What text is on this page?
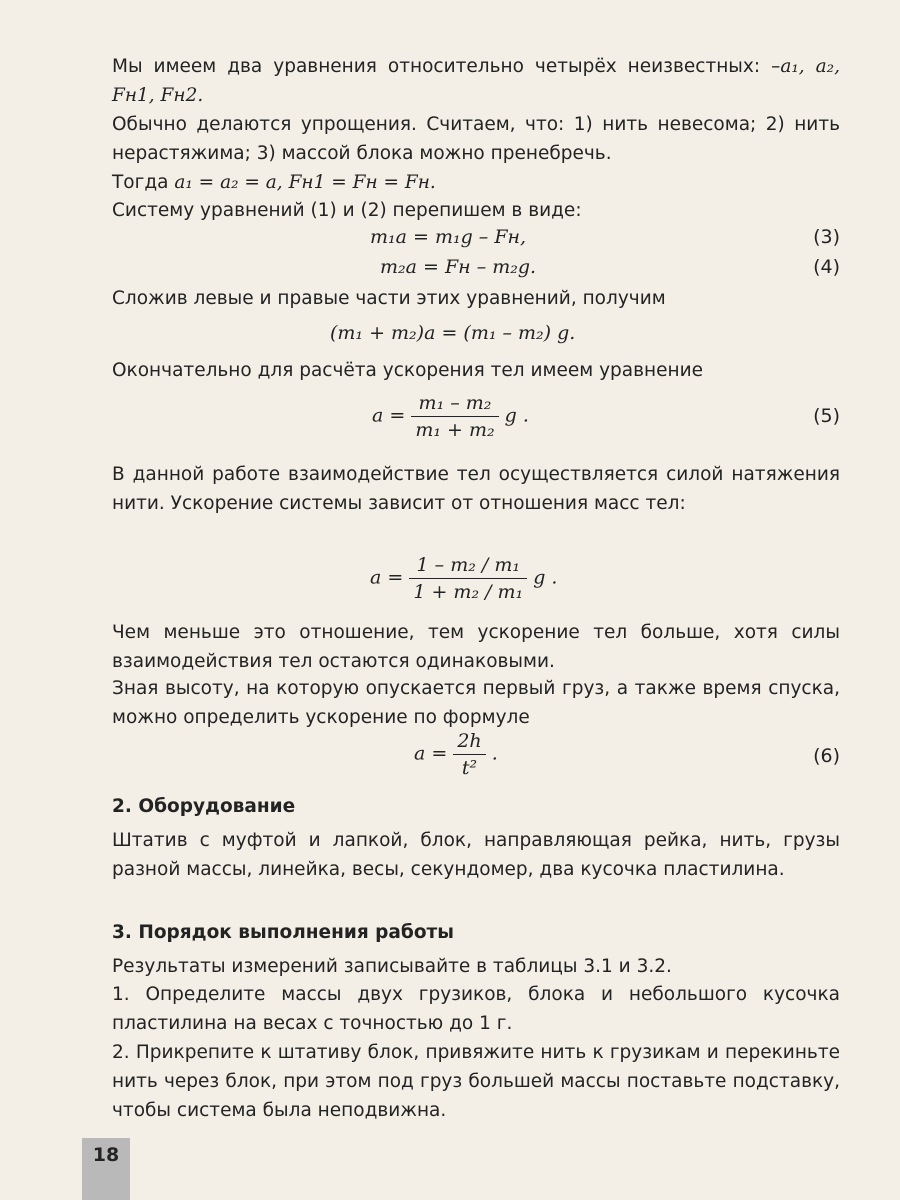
Мы имеем два уравнения относительно четырёх неизвестных: –a₁, a₂, Fн1, Fн2.

Обычно делаются упрощения. Считаем, что: 1) нить невесома; 2) нить нерастяжима; 3) массой блока можно пренебречь.

Тогда a₁ = a₂ = a, Fн1 = Fн = Fн.

Систему уравнений (1) и (2) перепишем в виде:

m₁a = m₁g – Fн,	(3)
m₂a = Fн – m₂g.	(4)

Сложив левые и правые части этих уравнений, получим

(m₁ + m₂)a = (m₁ – m₂) g.

Окончательно для расчёта ускорения тел имеем уравнение

$a = \frac{\text{m₁ – m₂}}{\text{m₁ + m₂}}$ g .	(5)

В данной работе взаимодействие тел осуществляется силой натяжения нити. Ускорение системы зависит от отношения масс тел:

$a = \frac{\text{1 – m₂ / m₁}}{\text{1 + m₂ / m₁}}$ g .

Чем меньше это отношение, тем ускорение тел больше, хотя силы взаимодействия тел остаются одинаковыми.

Зная высоту, на которую опускается первый груз, а также время спуска, можно определить ускорение по формуле

$a = \frac{2h}{\text{t²}}$ .	(6)

2. Оборудование

Штатив с муфтой и лапкой, блок, направляющая рейка, нить, грузы разной массы, линейка, весы, секундомер, два кусочка пластилина.

3. Порядок выполнения работы

Результаты измерений записывайте в таблицы 3.1 и 3.2.

1. Определите массы двух грузиков, блока и небольшого кусочка пластилина на весах с точностью до 1 г.

2. Прикрепите к штативу блок, привяжите нить к грузикам и перекиньте нить через блок, при этом под груз большей массы поставьте подставку, чтобы система была неподвижна.

18
